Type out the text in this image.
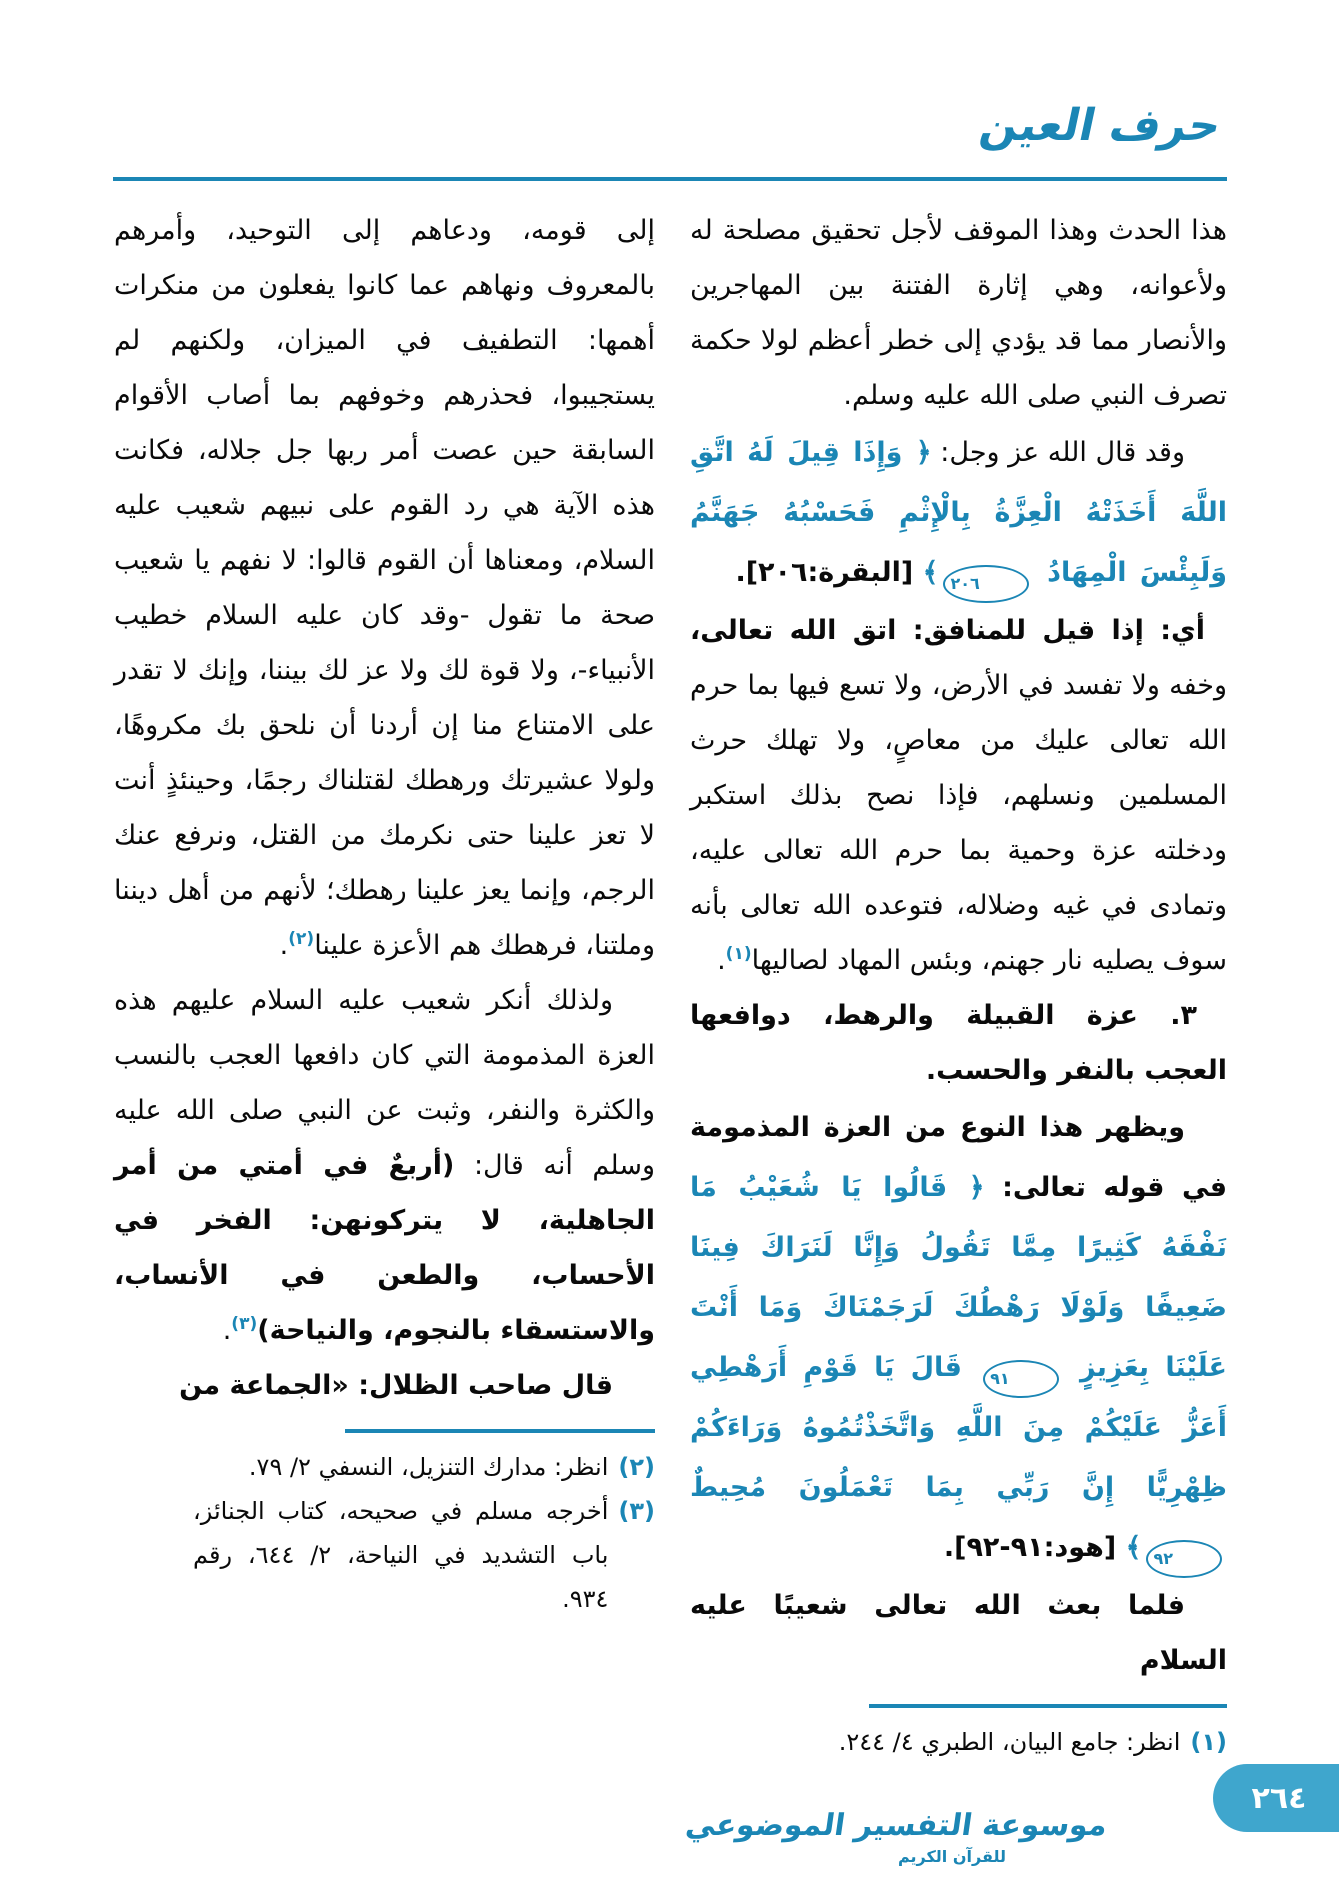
حرف العين

هذا الحدث وهذا الموقف لأجل تحقيق مصلحة له ولأعوانه، وهي إثارة الفتنة بين المهاجرين والأنصار مما قد يؤدي إلى خطر أعظم لولا حكمة تصرف النبي صلى الله عليه وسلم.

وقد قال الله عز وجل: ﴿ وَإِذَا قِيلَ لَهُ اتَّقِ اللَّهَ أَخَذَتْهُ الْعِزَّةُ بِالْإِثْمِ فَحَسْبُهُ جَهَنَّمُ وَلَبِئْسَ الْمِهَادُ ٢٠٦﴾ [البقرة:٢٠٦].

أي: إذا قيل للمنافق: اتق الله تعالى، وخفه ولا تفسد في الأرض، ولا تسع فيها بما حرم الله تعالى عليك من معاصٍ، ولا تهلك حرث المسلمين ونسلهم، فإذا نصح بذلك استكبر ودخلته عزة وحمية بما حرم الله تعالى عليه، وتمادى في غيه وضلاله، فتوعده الله تعالى بأنه سوف يصليه نار جهنم، وبئس المهاد لصاليها$^{(١)}$.

٣. عزة القبيلة والرهط، دوافعها العجب بالنفر والحسب.

ويظهر هذا النوع من العزة المذمومة في قوله تعالى: ﴿ قَالُوا يَا شُعَيْبُ مَا نَفْقَهُ كَثِيرًا مِمَّا تَقُولُ وَإِنَّا لَنَرَاكَ فِينَا ضَعِيفًا وَلَوْلَا رَهْطُكَ لَرَجَمْنَاكَ وَمَا أَنْتَ عَلَيْنَا بِعَزِيزٍ ٩١ قَالَ يَا قَوْمِ أَرَهْطِي أَعَزُّ عَلَيْكُمْ مِنَ اللَّهِ وَاتَّخَذْتُمُوهُ وَرَاءَكُمْ ظِهْرِيًّا إِنَّ رَبِّي بِمَا تَعْمَلُونَ مُحِيطٌ ٩٢﴾ [هود:٩١-٩٢].

فلما بعث الله تعالى شعيبًا عليه السلام

(١)
انظر: جامع البيان، الطبري ٤/ ٢٤٤.

إلى قومه، ودعاهم إلى التوحيد، وأمرهم بالمعروف ونهاهم عما كانوا يفعلون من منكرات أهمها: التطفيف في الميزان، ولكنهم لم يستجيبوا، فحذرهم وخوفهم بما أصاب الأقوام السابقة حين عصت أمر ربها جل جلاله، فكانت هذه الآية هي رد القوم على نبيهم شعيب عليه السلام، ومعناها أن القوم قالوا: لا نفهم يا شعيب صحة ما تقول -وقد كان عليه السلام خطيب الأنبياء-، ولا قوة لك ولا عز لك بيننا، وإنك لا تقدر على الامتناع منا إن أردنا أن نلحق بك مكروهًا، ولولا عشيرتك ورهطك لقتلناك رجمًا، وحينئذٍ أنت لا تعز علينا حتى نكرمك من القتل، ونرفع عنك الرجم، وإنما يعز علينا رهطك؛ لأنهم من أهل ديننا وملتنا، فرهطك هم الأعزة علينا$^{(٢)}$.

ولذلك أنكر شعيب عليه السلام عليهم هذه العزة المذمومة التي كان دافعها العجب بالنسب والكثرة والنفر، وثبت عن النبي صلى الله عليه وسلم أنه قال: (أربعٌ في أمتي من أمر الجاهلية، لا يتركونهن: الفخر في الأحساب، والطعن في الأنساب، والاستسقاء بالنجوم، والنياحة)$^{(٣)}$.

قال صاحب الظلال: «الجماعة من

(٢)
انظر: مدارك التنزيل، النسفي ٢/ ٧٩.
(٣)
أخرجه مسلم في صحيحه، كتاب الجنائز، باب التشديد في النياحة، ٢/ ٦٤٤، رقم ٩٣٤.
موسوعة التفسير الموضوعي
للقرآن الكريم
٢٦٤
